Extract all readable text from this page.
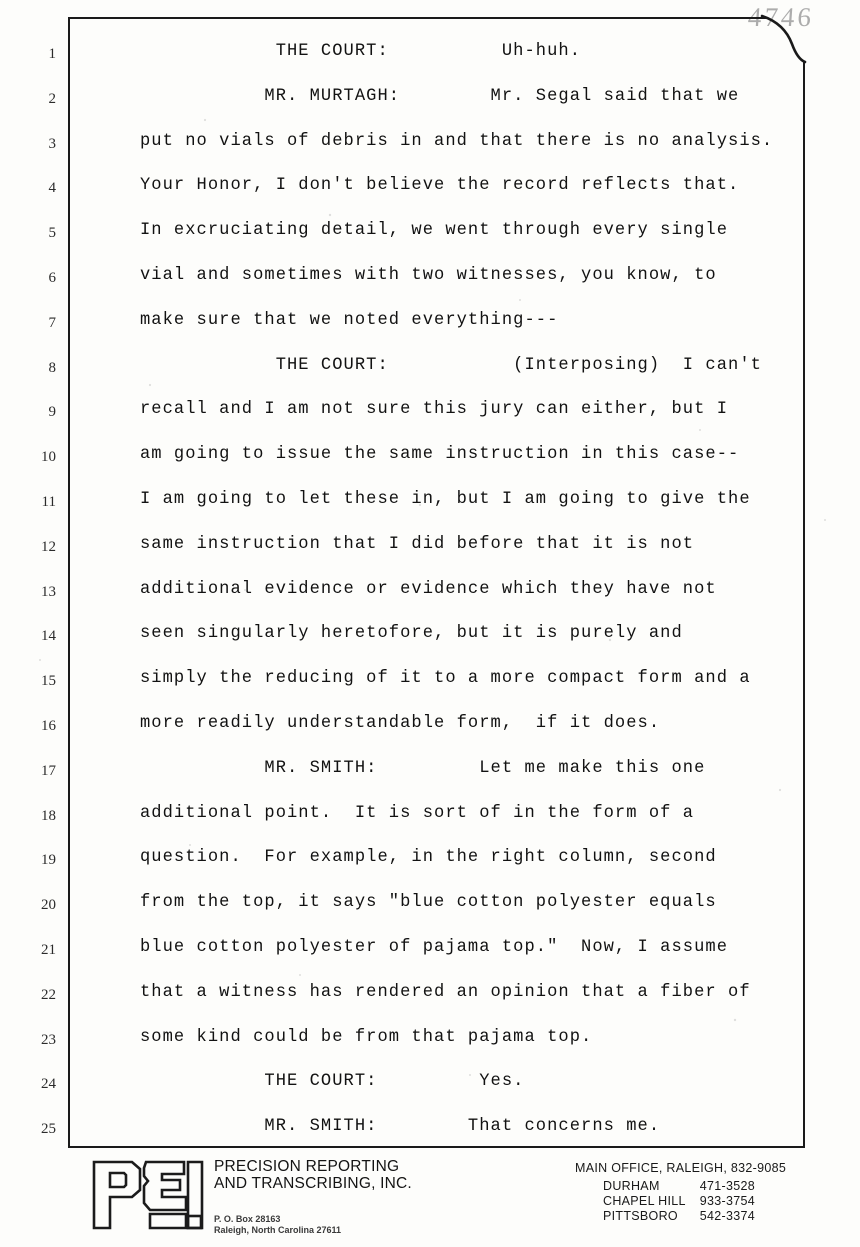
4746
1	THE COURT:          Uh-huh.
2	MR. MURTAGH:        Mr. Segal said that we
3	put no vials of debris in and that there is no analysis.
4	Your Honor, I don't believe the record reflects that.
5	In excruciating detail, we went through every single
6	vial and sometimes with two witnesses, you know, to
7	make sure that we noted everything---
8	THE COURT:           (Interposing)  I can't
9	recall and I am not sure this jury can either, but I
10	am going to issue the same instruction in this case--
11	I am going to let these in, but I am going to give the
12	same instruction that I did before that it is not
13	additional evidence or evidence which they have not
14	seen singularly heretofore, but it is purely and
15	simply the reducing of it to a more compact form and a
16	more readily understandable form,  if it does.
17	MR. SMITH:         Let me make this one
18	additional point.  It is sort of in the form of a
19	question.  For example, in the right column, second
20	from the top, it says "blue cotton polyester equals
21	blue cotton polyester of pajama top."  Now, I assume
22	that a witness has rendered an opinion that a fiber of
23	some kind could be from that pajama top.
24	THE COURT:         Yes.
25	MR. SMITH:        That concerns me.
PRECISION REPORTING
AND TRANSCRIBING, INC.
P. O. Box 28163
Raleigh, North Carolina 27611
MAIN OFFICE, RALEIGH, 832-9085
DURHAM	471-3528
CHAPEL HILL	933-3754
PITTSBORO	542-3374
